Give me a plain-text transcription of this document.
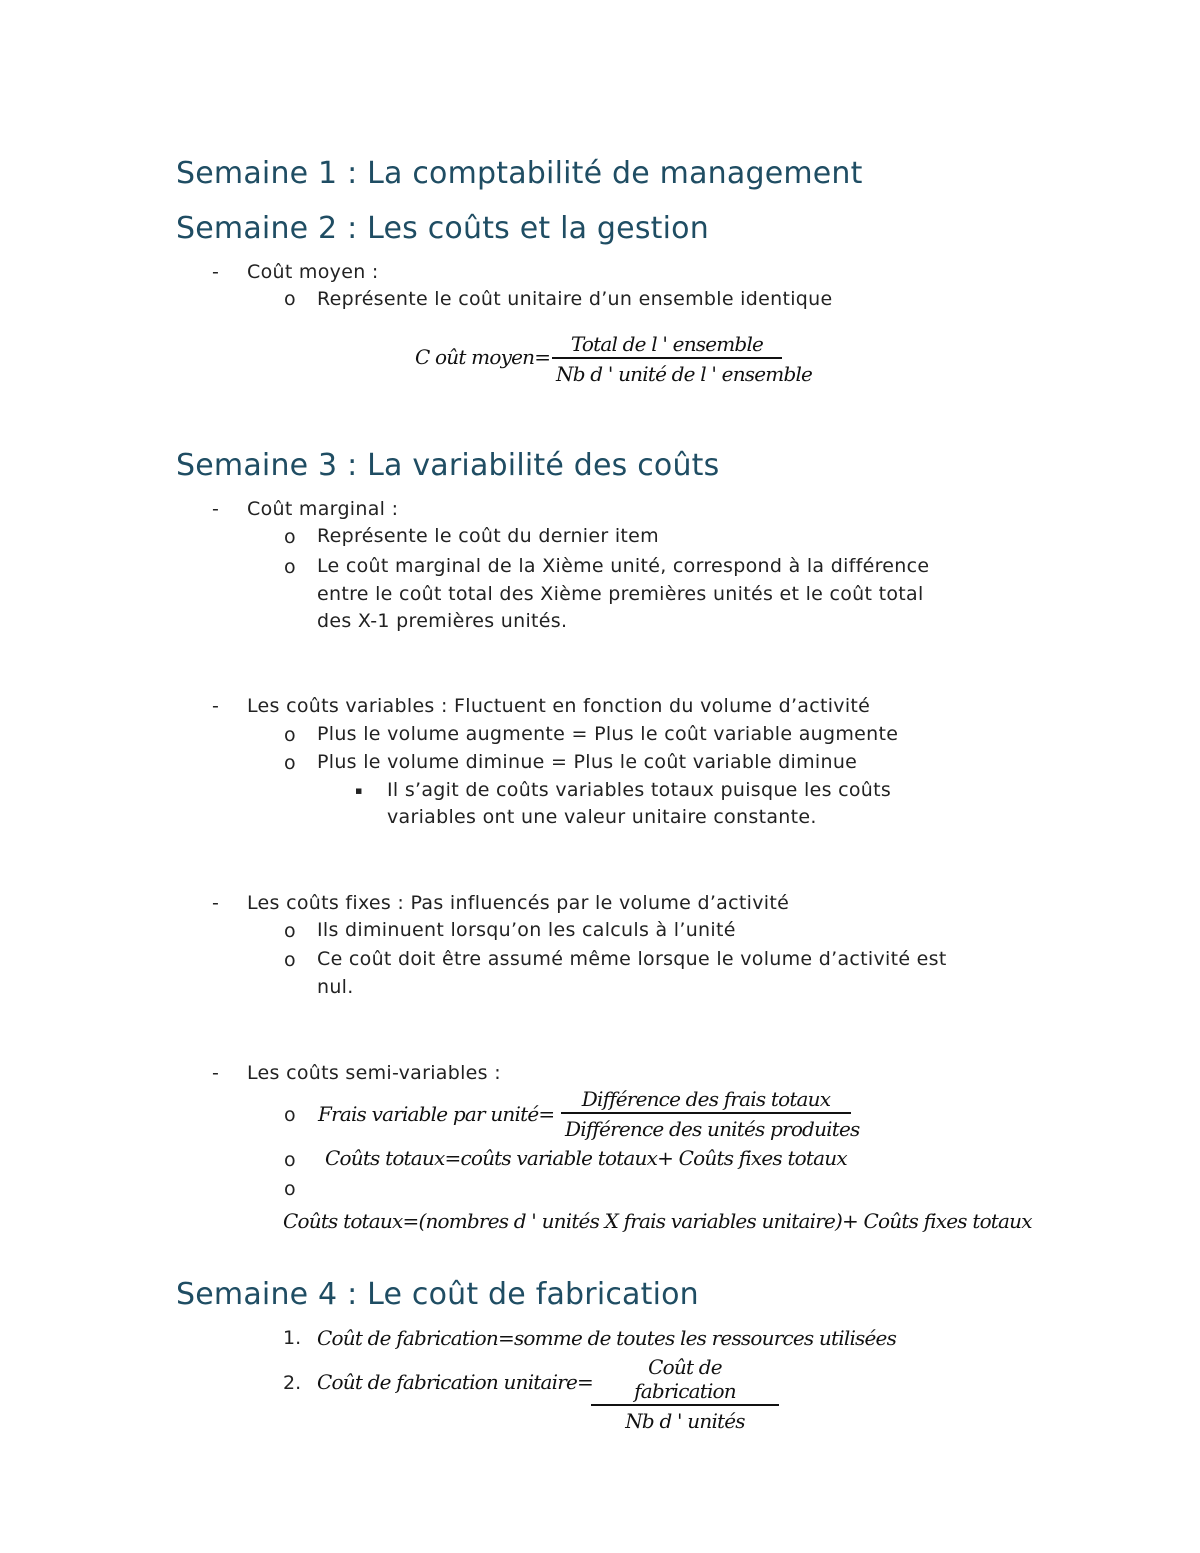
Semaine 1 : La comptabilité de management
Semaine 2 : Les coûts et la gestion
- Coût moyen :
o Représente le coût unitaire d’un ensemble identique
C oût moyen=
Total de l ' ensemble
Nb d ' unité de l ' ensemble
Semaine 3 : La variabilité des coûts
- Coût marginal :
o Représente le coût du dernier item
o Le coût marginal de la Xième unité, correspond à la différence
entre le coût total des Xième premières unités et le coût total
des X-1 premières unités.
- Les coûts variables : Fluctuent en fonction du volume d’activité
o Plus le volume augmente = Plus le coût variable augmente
o Plus le volume diminue = Plus le coût variable diminue
▪ Il s’agit de coûts variables totaux puisque les coûts
variables ont une valeur unitaire constante.
- Les coûts fixes : Pas influencés par le volume d’activité
o Ils diminuent lorsqu’on les calculs à l’unité
o Ce coût doit être assumé même lorsque le volume d’activité est
nul.
- Les coûts semi-variables :
o Frais variable par unité=
Différence des frais totaux
Différence des unités produites
o Coûts totaux=coûts variable totaux+ Coûts fixes totaux
o
Coûts totaux=(nombres d ' unités X frais variables unitaire)+ Coûts fixes totaux
Semaine 4 : Le coût de fabrication
1. Coût de fabrication=somme de toutes les ressources utilisées
2. Coût de fabrication unitaire=
Coût de fabrication
Nb d ' unités
